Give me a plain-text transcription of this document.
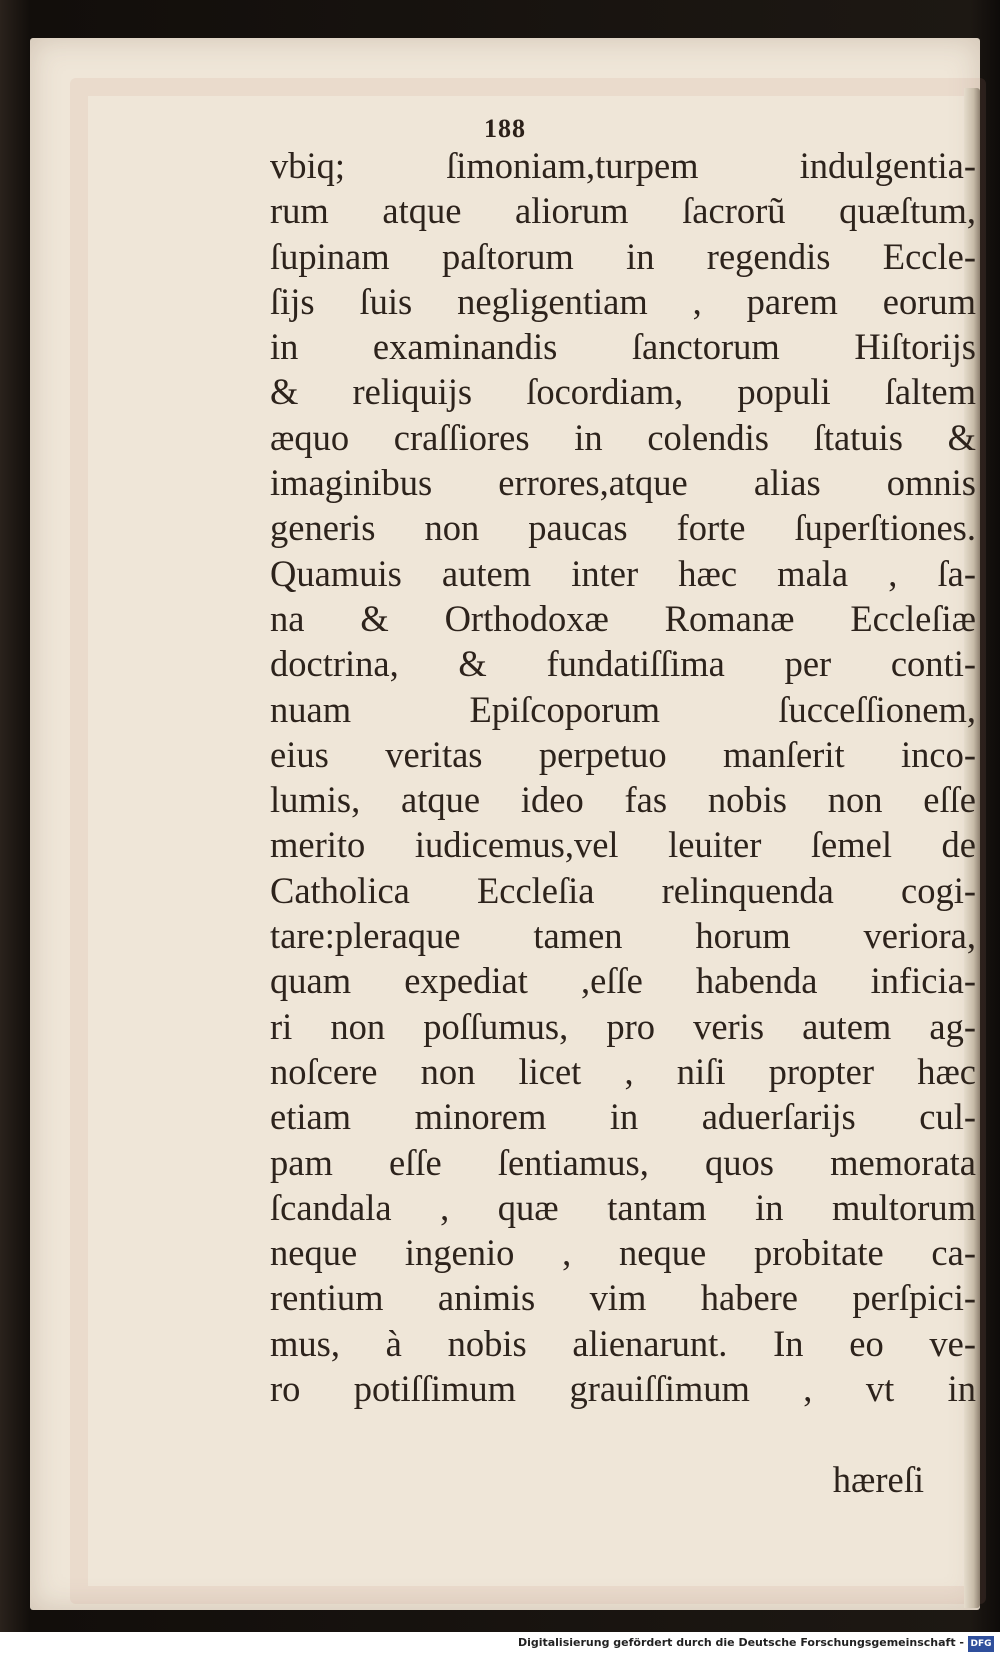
188
vbiq; ſimoniam,turpem indulgentia-
rum atque aliorum ſacrorũ quæſtum,
ſupinam paſtorum in regendis Eccle-
ſijs ſuis negligentiam , parem eorum
in examinandis ſanctorum Hiſtorijs
& reliquijs ſocordiam, populi ſaltem
æquo craſſiores in colendis ſtatuis &
imaginibus errores,atque alias omnis
generis non paucas forte ſuperſtiones.
Quamuis autem inter hæc mala , ſa-
na & Orthodoxæ Romanæ Eccleſiæ
doctrina, & fundatiſſima per conti-
nuam Epiſcoporum ſucceſſionem,
eius veritas perpetuo manſerit inco-
lumis, atque ideo fas nobis non eſſe
merito iudicemus,vel leuiter ſemel de
Catholica Eccleſia relinquenda cogi-
tare:pleraque tamen horum veriora,
quam expediat ,eſſe habenda inficia-
ri non poſſumus, pro veris autem ag-
noſcere non licet , niſi propter hæc
etiam minorem in aduerſarijs cul-
pam eſſe ſentiamus, quos memorata
ſcandala , quæ tantam in multorum
neque ingenio , neque probitate ca-
rentium animis vim habere perſpici-
mus, à nobis alienarunt. In eo ve-
ro potiſſimum grauiſſimum , vt in
hæreſi
Digitalisierung gefördert durch die Deutsche Forschungsgemeinschaft - DFG
